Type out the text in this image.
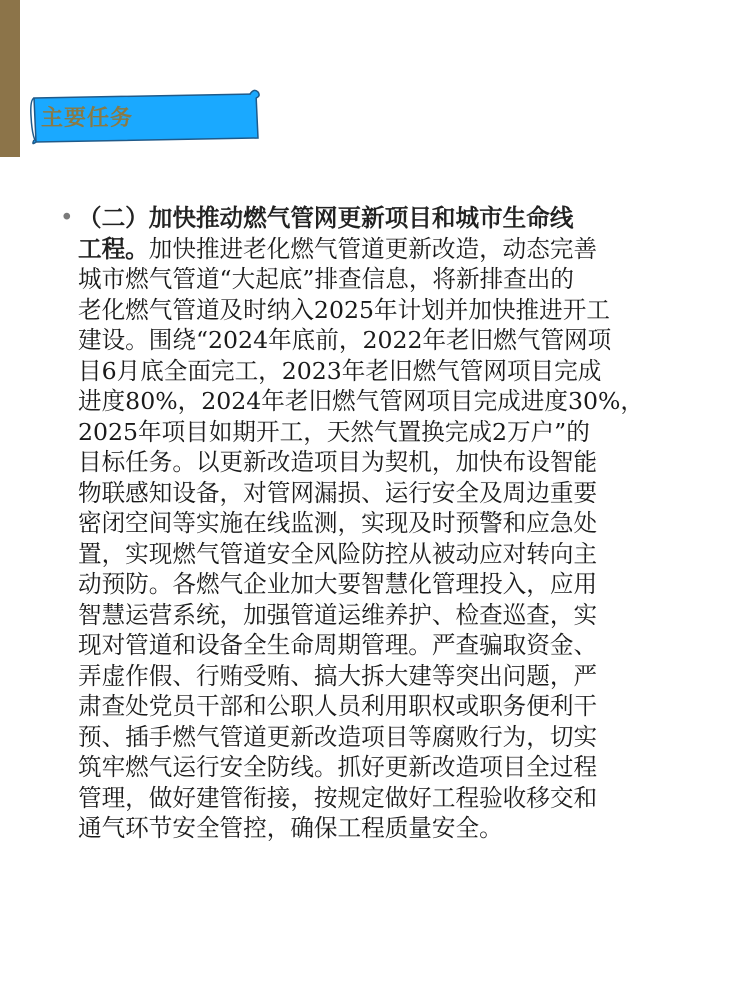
主要任务
• （二）加快推动燃气管网更新项目和城市生命线
工程。加快推进老化燃气管道更新改造，动态完善
城市燃气管道“大起底”排查信息，将新排查出的
老化燃气管道及时纳入2025年计划并加快推进开工
建设。围绕“2024年底前，2022年老旧燃气管网项
目6月底全面完工，2023年老旧燃气管网项目完成
进度80%，2024年老旧燃气管网项目完成进度30%，
2025年项目如期开工，天然气置换完成2万户”的
目标任务。以更新改造项目为契机，加快布设智能
物联感知设备，对管网漏损、运行安全及周边重要
密闭空间等实施在线监测，实现及时预警和应急处
置，实现燃气管道安全风险防控从被动应对转向主
动预防。各燃气企业加大要智慧化管理投入，应用
智慧运营系统，加强管道运维养护、检查巡查，实
现对管道和设备全生命周期管理。严查骗取资金、
弄虚作假、行贿受贿、搞大拆大建等突出问题，严
肃查处党员干部和公职人员利用职权或职务便利干
预、插手燃气管道更新改造项目等腐败行为，切实
筑牢燃气运行安全防线。抓好更新改造项目全过程
管理，做好建管衔接，按规定做好工程验收移交和
通气环节安全管控，确保工程质量安全。
